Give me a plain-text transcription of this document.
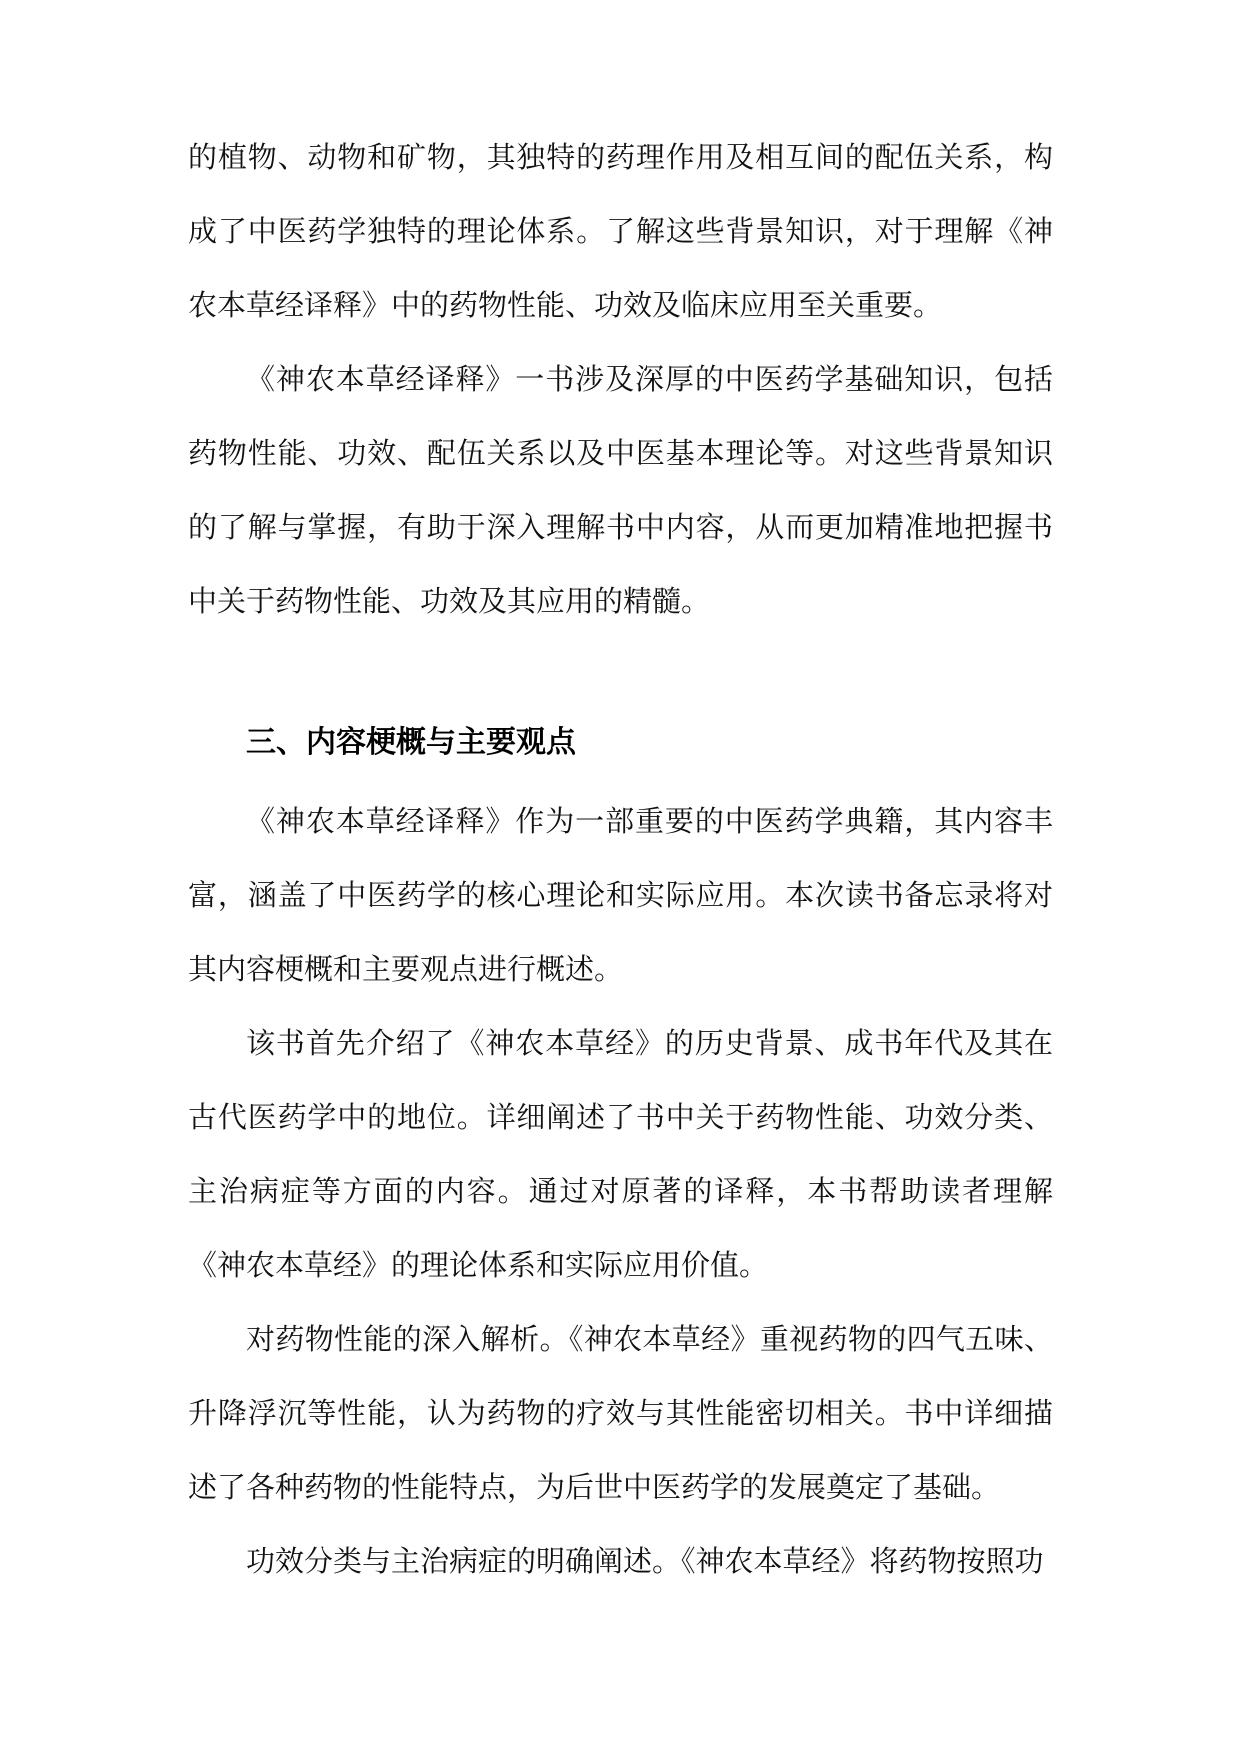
的植物、动物和矿物，其独特的药理作用及相互间的配伍关系，构成了中医药学独特的理论体系。了解这些背景知识，对于理解《神农本草经译释》中的药物性能、功效及临床应用至关重要。

《神农本草经译释》一书涉及深厚的中医药学基础知识，包括药物性能、功效、配伍关系以及中医基本理论等。对这些背景知识的了解与掌握，有助于深入理解书中内容，从而更加精准地把握书中关于药物性能、功效及其应用的精髓。

三、内容梗概与主要观点

《神农本草经译释》作为一部重要的中医药学典籍，其内容丰富，涵盖了中医药学的核心理论和实际应用。本次读书备忘录将对其内容梗概和主要观点进行概述。

该书首先介绍了《神农本草经》的历史背景、成书年代及其在古代医药学中的地位。详细阐述了书中关于药物性能、功效分类、主治病症等方面的内容。通过对原著的译释，本书帮助读者理解《神农本草经》的理论体系和实际应用价值。

对药物性能的深入解析。《神农本草经》重视药物的四气五味、升降浮沉等性能，认为药物的疗效与其性能密切相关。书中详细描述了各种药物的性能特点，为后世中医药学的发展奠定了基础。

功效分类与主治病症的明确阐述。《神农本草经》将药物按照功
